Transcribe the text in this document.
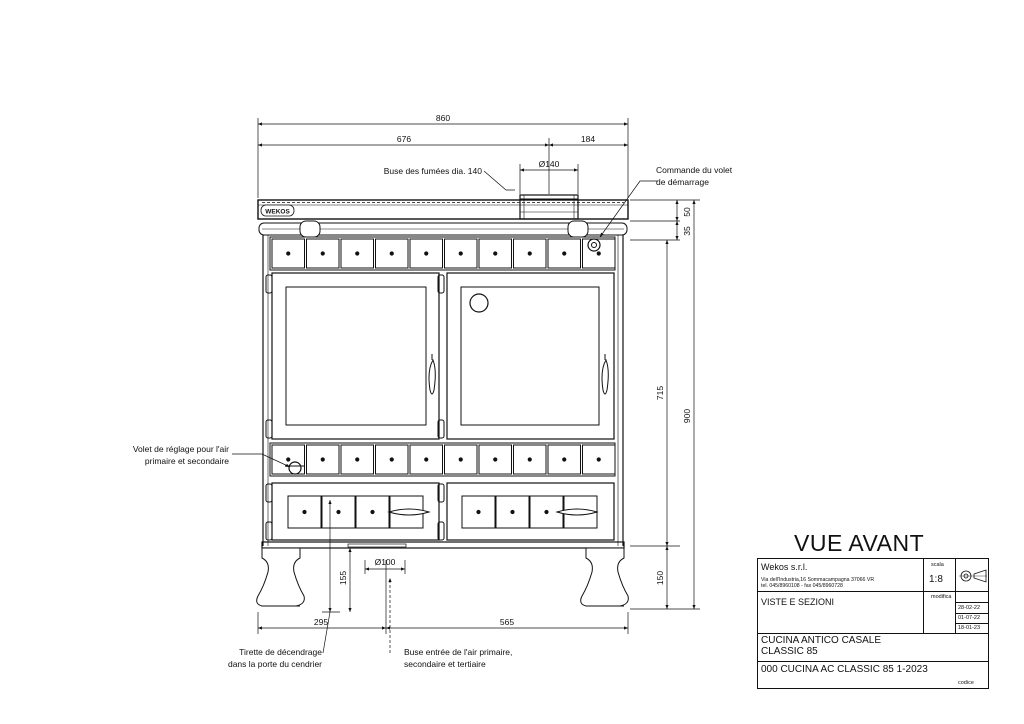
WEKOS
860
676	184
Ø140
50
35
715
900
150
155
Ø100
295	565
Buse des fumées dia. 140	Commande du volet
de démarrage
Volet de réglage pour l'air
primaire et secondaire
Tirette de décendrage
dans la porte du cendrier
Buse entrée de l'air primaire,
secondaire et tertiaire
VUE AVANT
Wekos s.r.l.
Via dell'Industria,16 Sommacampagna 37066 VR
tel. 045/8960108 - fax 045/8960728
scala
1:8
VISTE E SEZIONI	modifica
28-02-22
01-07-22
18-01-23
CUCINA ANTICO CASALE
CLASSIC 85
000 CUCINA AC CLASSIC 85 1-2023
codice
